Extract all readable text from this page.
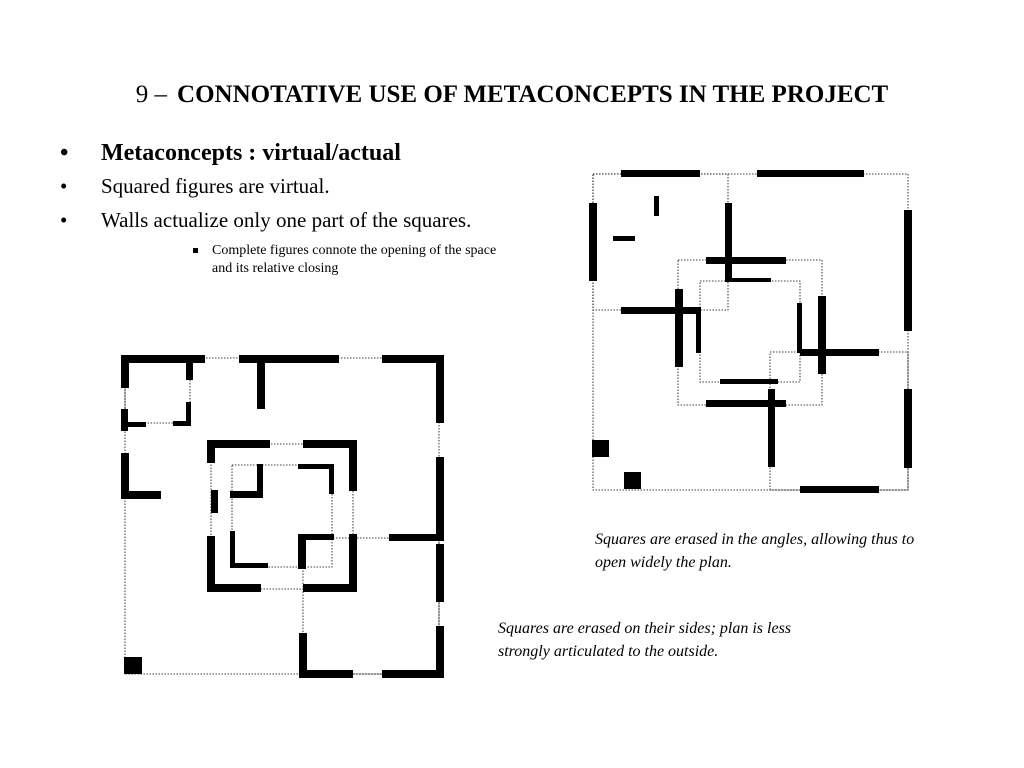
9 – CONNOTATIVE USE OF METACONCEPTS IN THE PROJECT
• Metaconcepts : virtual/actual
• Squared figures are virtual.
• Walls actualize only one part of the squares.
Complete figures connote the opening of the space and its relative closing
Squares are erased in the angles, allowing thus to open widely the plan.
Squares are erased on their sides; plan is less strongly articulated to the outside.
